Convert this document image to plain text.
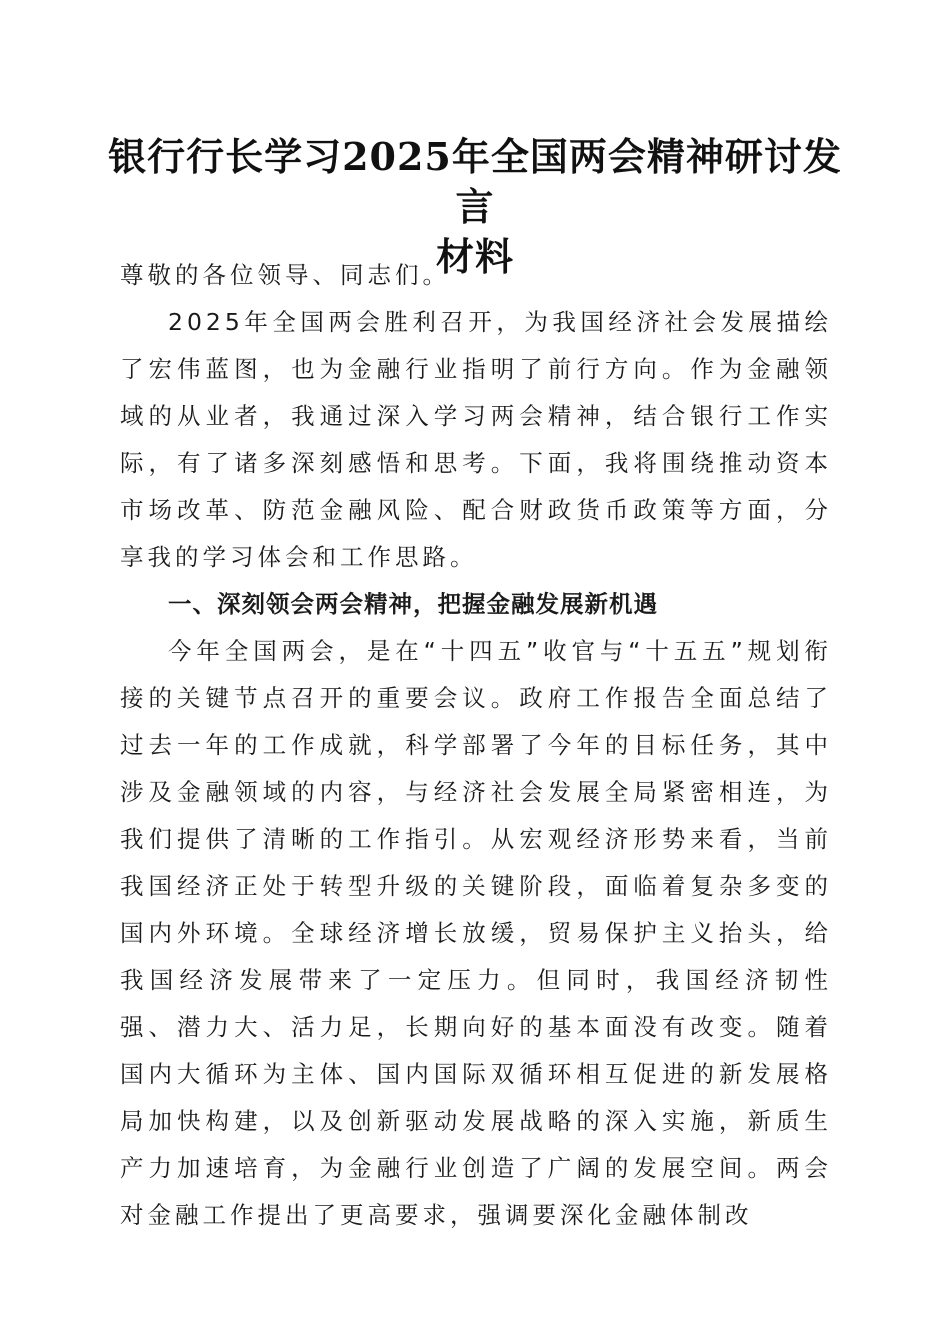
银行行长学习2025年全国两会精神研讨发言
材料

尊敬的各位领导、同志们。

2025年全国两会胜利召开，为我国经济社会发展描绘了宏伟蓝图，也为金融行业指明了前行方向。作为金融领域的从业者，我通过深入学习两会精神，结合银行工作实际，有了诸多深刻感悟和思考。下面，我将围绕推动资本市场改革、防范金融风险、配合财政货币政策等方面，分享我的学习体会和工作思路。

一、深刻领会两会精神，把握金融发展新机遇

今年全国两会，是在“十四五”收官与“十五五”规划衔接的关键节点召开的重要会议。政府工作报告全面总结了过去一年的工作成就，科学部署了今年的目标任务，其中涉及金融领域的内容，与经济社会发展全局紧密相连，为我们提供了清晰的工作指引。从宏观经济形势来看，当前我国经济正处于转型升级的关键阶段，面临着复杂多变的国内外环境。全球经济增长放缓，贸易保护主义抬头，给我国经济发展带来了一定压力。但同时，我国经济韧性强、潜力大、活力足，长期向好的基本面没有改变。随着国内大循环为主体、国内国际双循环相互促进的新发展格局加快构建，以及创新驱动发展战略的深入实施，新质生产力加速培育，为金融行业创造了广阔的发展空间。两会对金融工作提出了更高要求，强调要深化金融体制改
